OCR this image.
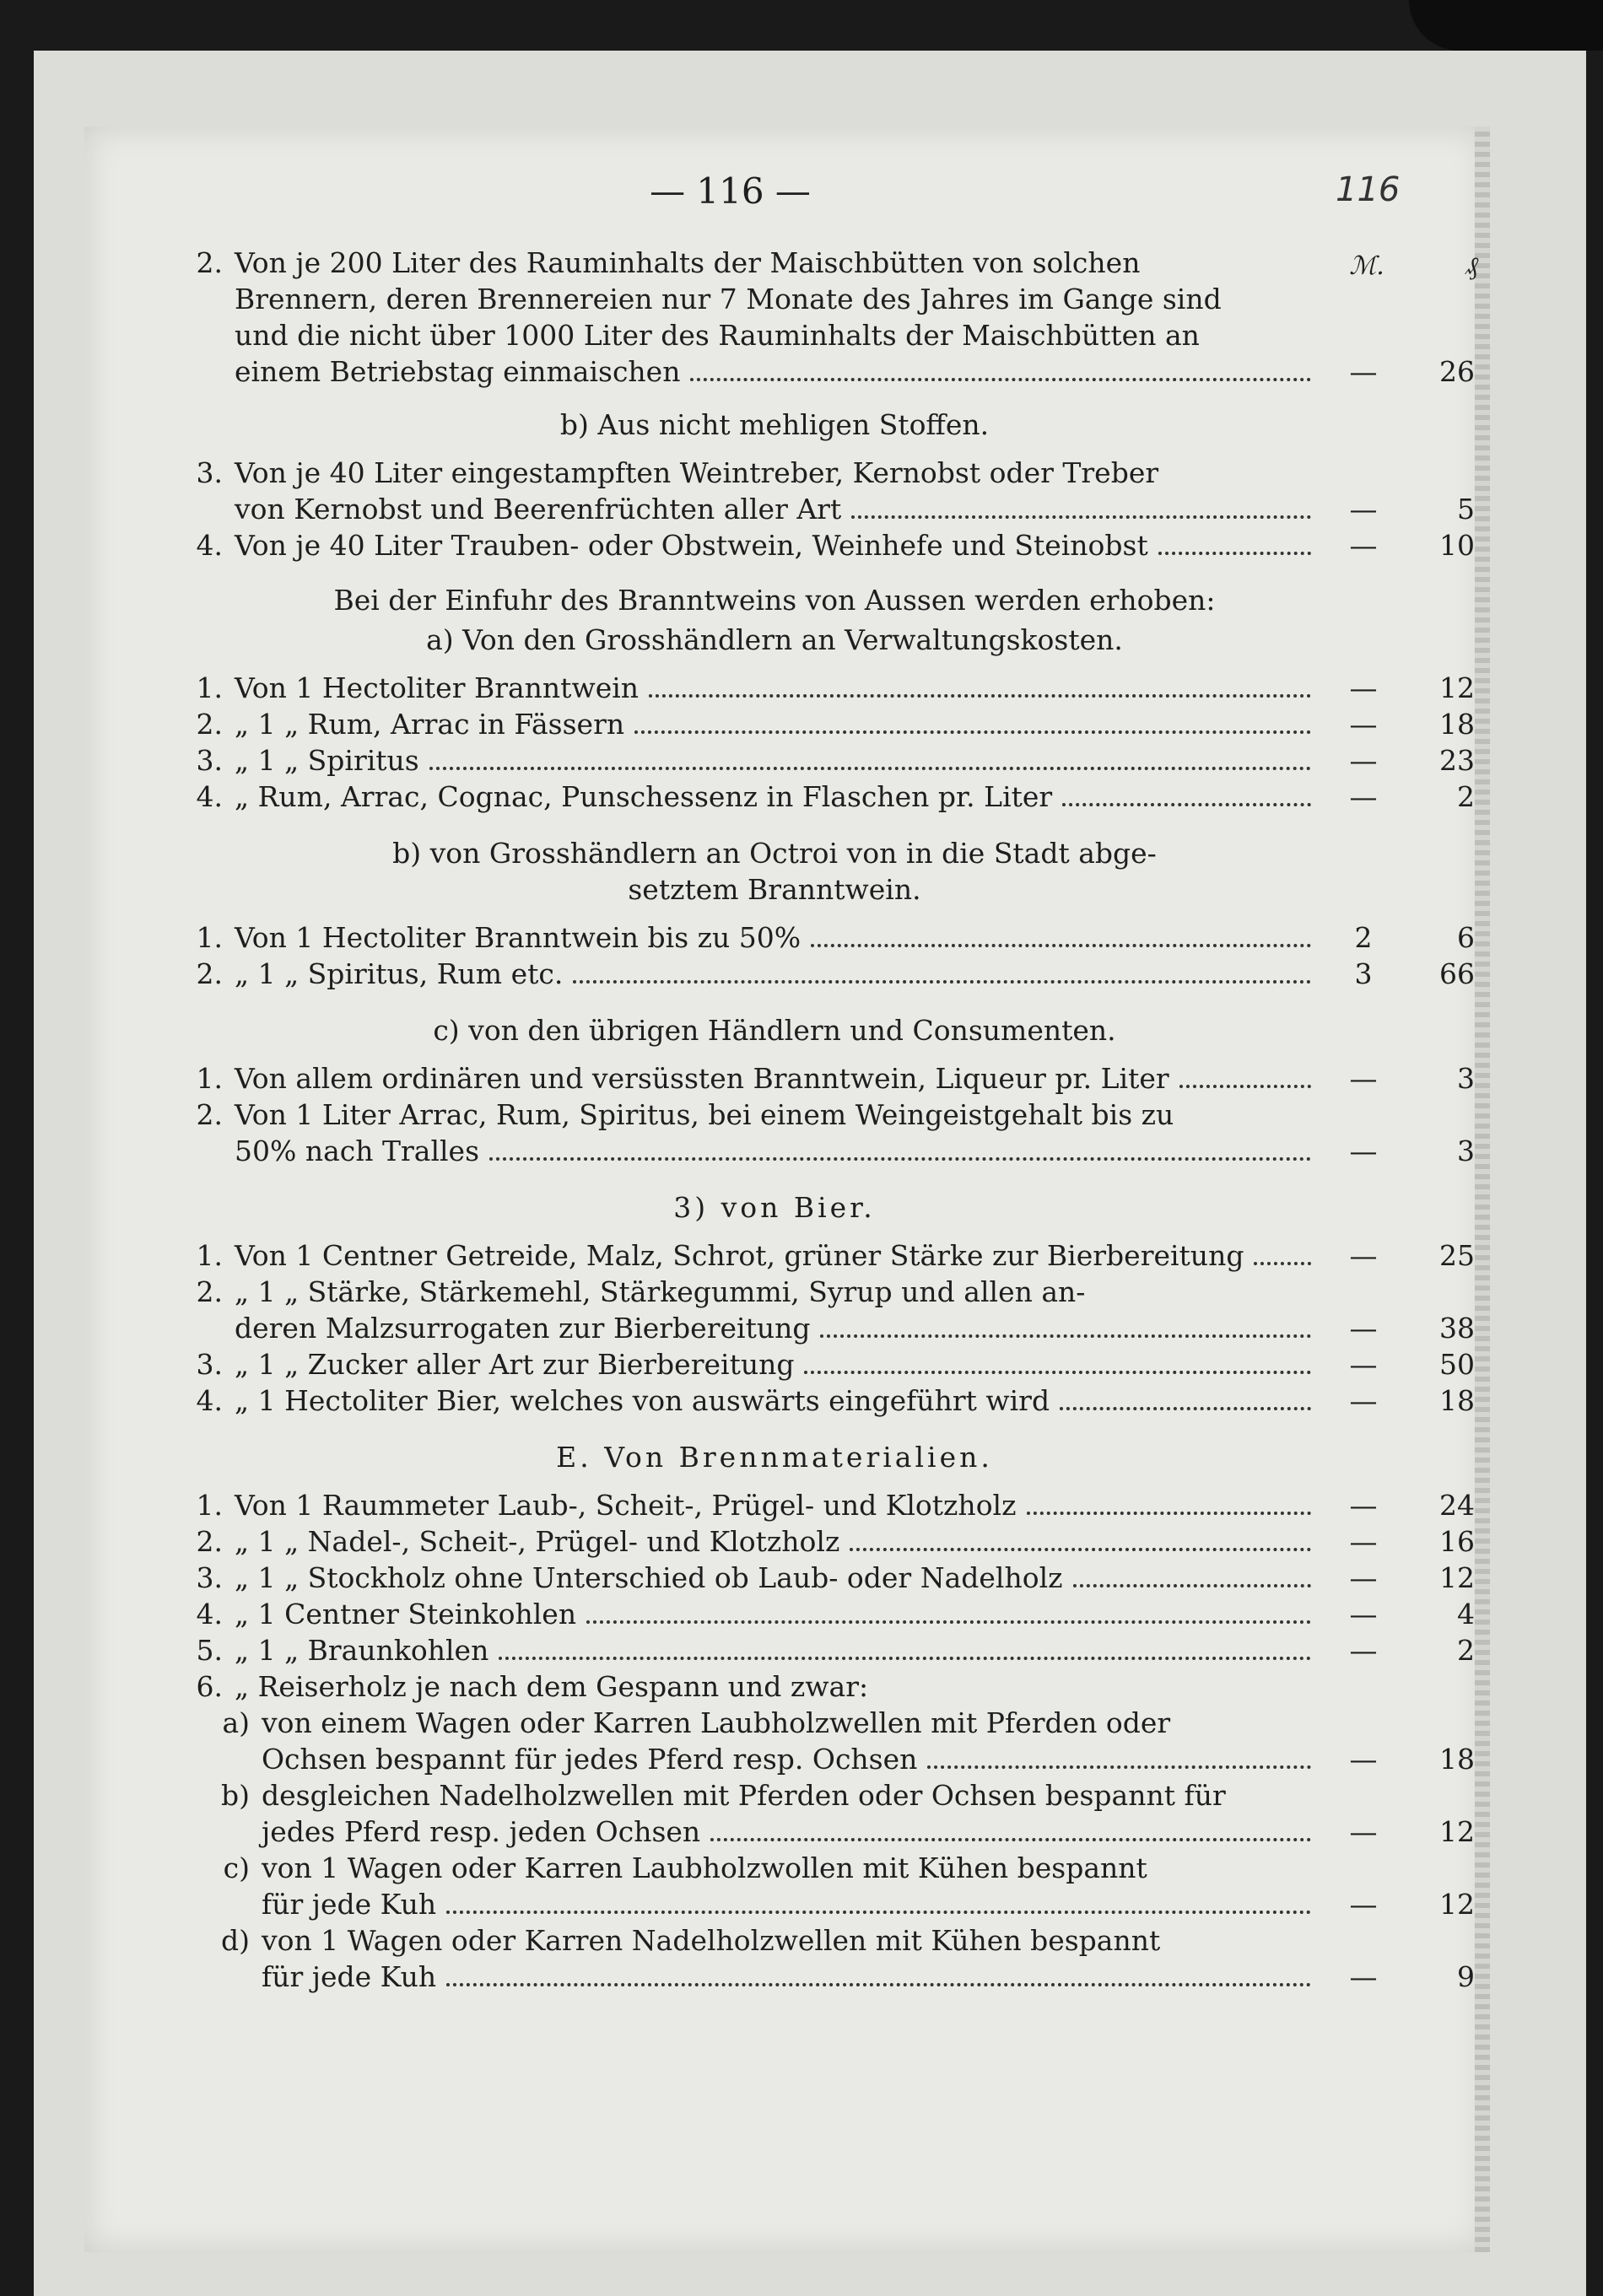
— 116 —	116
ℳ.	₰
2. Von je 200 Liter des Rauminhalts der Maischbütten von solchen
Brennern, deren Brennereien nur 7 Monate des Jahres im Gange sind
und die nicht über 1000 Liter des Rauminhalts der Maischbütten an
einem Betriebstag einmaischen	—	26
b) Aus nicht mehligen Stoffen.
3. Von je 40 Liter eingestampften Weintreber, Kernobst oder Treber
von Kernobst und Beerenfrüchten aller Art	—	5
4. Von je 40 Liter Trauben- oder Obstwein, Weinhefe und Steinobst	—	10
Bei der Einfuhr des Branntweins von Aussen werden erhoben:
a) Von den Grosshändlern an Verwaltungskosten.
1. Von 1 Hectoliter Branntwein	—	12
2. „ 1 „ Rum, Arrac in Fässern	—	18
3. „ 1 „ Spiritus	—	23
4. „ Rum, Arrac, Cognac, Punschessenz in Flaschen pr. Liter	—	2
b) von Grosshändlern an Octroi von in die Stadt abge-
setztem Branntwein.
1. Von 1 Hectoliter Branntwein bis zu 50%	2	6
2. „ 1 „ Spiritus, Rum etc.	3	66
c) von den übrigen Händlern und Consumenten.
1. Von allem ordinären und versüssten Branntwein, Liqueur pr. Liter	—	3
2. Von 1 Liter Arrac, Rum, Spiritus, bei einem Weingeistgehalt bis zu
50% nach Tralles	—	3
3) von Bier.
1. Von 1 Centner Getreide, Malz, Schrot, grüner Stärke zur Bierbereitung	—	25
2. „ 1 „ Stärke, Stärkemehl, Stärkegummi, Syrup und allen an-
deren Malzsurrogaten zur Bierbereitung	—	38
3. „ 1 „ Zucker aller Art zur Bierbereitung	—	50
4. „ 1 Hectoliter Bier, welches von auswärts eingeführt wird	—	18
E. Von Brennmaterialien.
1. Von 1 Raummeter Laub-, Scheit-, Prügel- und Klotzholz	—	24
2. „ 1 „ Nadel-, Scheit-, Prügel- und Klotzholz	—	16
3. „ 1 „ Stockholz ohne Unterschied ob Laub- oder Nadelholz	—	12
4. „ 1 Centner Steinkohlen	—	4
5. „ 1 „ Braunkohlen	—	2
6. „ Reiserholz je nach dem Gespann und zwar:
a) von einem Wagen oder Karren Laubholzwellen mit Pferden oder
Ochsen bespannt für jedes Pferd resp. Ochsen	—	18
b) desgleichen Nadelholzwellen mit Pferden oder Ochsen bespannt für
jedes Pferd resp. jeden Ochsen	—	12
c) von 1 Wagen oder Karren Laubholzwollen mit Kühen bespannt
für jede Kuh	—	12
d) von 1 Wagen oder Karren Nadelholzwellen mit Kühen bespannt
für jede Kuh	—	9
